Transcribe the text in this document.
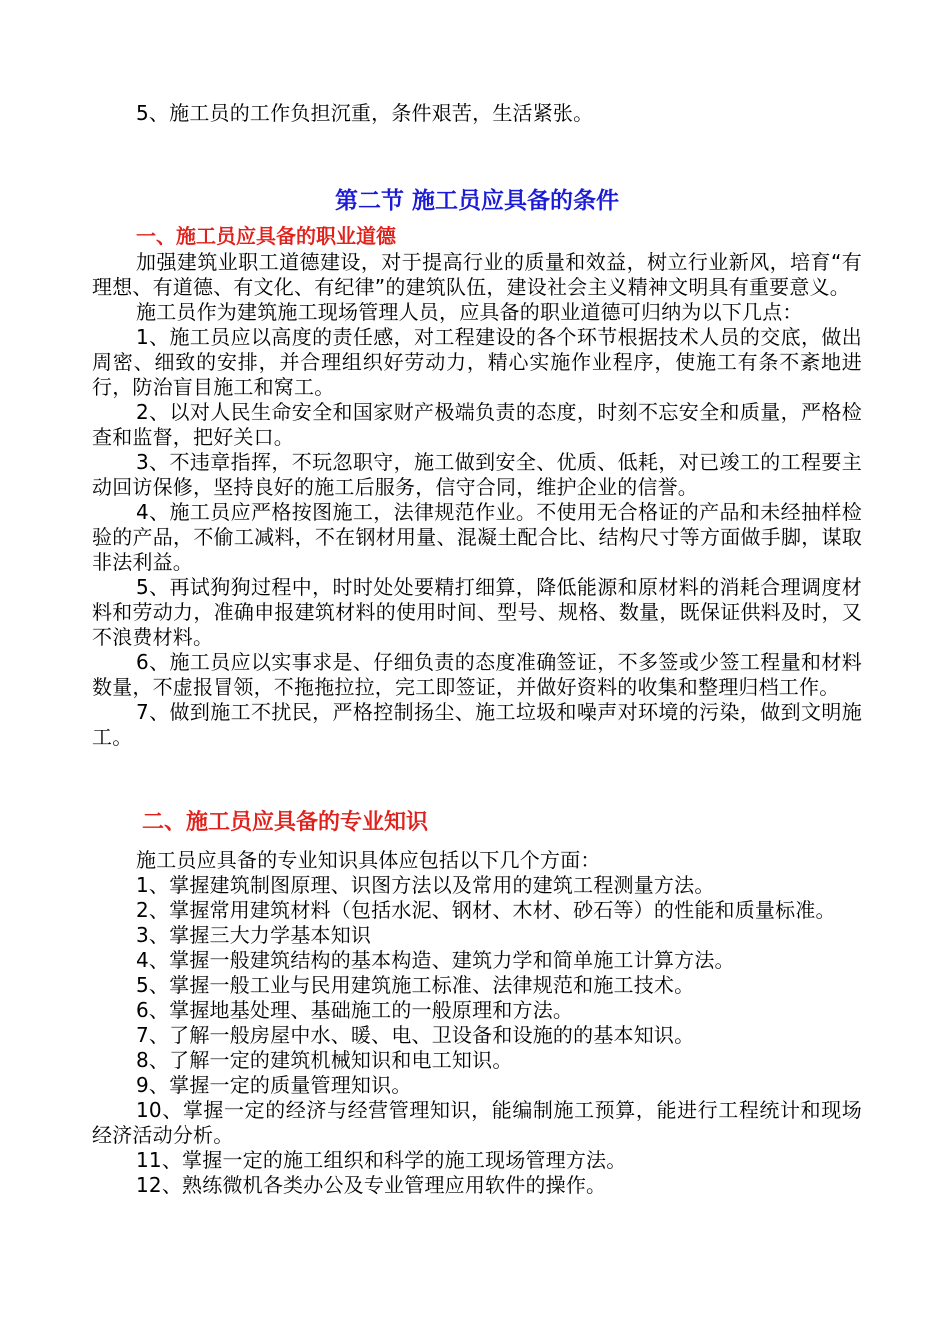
5、施工员的工作负担沉重，条件艰苦，生活紧张。

第二节 施工员应具备的条件
一、施工员应具备的职业道德

加强建筑业职工道德建设，对于提高行业的质量和效益，树立行业新风，培育“有理想、有道德、有文化、有纪律”的建筑队伍，建设社会主义精神文明具有重要意义。

施工员作为建筑施工现场管理人员，应具备的职业道德可归纳为以下几点：

1、施工员应以高度的责任感，对工程建设的各个环节根据技术人员的交底，做出周密、细致的安排，并合理组织好劳动力，精心实施作业程序，使施工有条不紊地进行，防治盲目施工和窝工。

2、以对人民生命安全和国家财产极端负责的态度，时刻不忘安全和质量，严格检查和监督，把好关口。

3、不违章指挥，不玩忽职守，施工做到安全、优质、低耗，对已竣工的工程要主动回访保修，坚持良好的施工后服务，信守合同，维护企业的信誉。

4、施工员应严格按图施工，法律规范作业。不使用无合格证的产品和未经抽样检验的产品，不偷工减料，不在钢材用量、混凝土配合比、结构尺寸等方面做手脚，谋取非法利益。

5、再试狗狗过程中，时时处处要精打细算，降低能源和原材料的消耗合理调度材料和劳动力，准确申报建筑材料的使用时间、型号、规格、数量，既保证供料及时，又不浪费材料。

6、施工员应以实事求是、仔细负责的态度准确签证，不多签或少签工程量和材料数量，不虚报冒领，不拖拖拉拉，完工即签证，并做好资料的收集和整理归档工作。

7、做到施工不扰民，严格控制扬尘、施工垃圾和噪声对环境的污染，做到文明施工。

二、施工员应具备的专业知识

施工员应具备的专业知识具体应包括以下几个方面：

1、掌握建筑制图原理、识图方法以及常用的建筑工程测量方法。

2、掌握常用建筑材料（包括水泥、钢材、木材、砂石等）的性能和质量标准。

3、掌握三大力学基本知识

4、掌握一般建筑结构的基本构造、建筑力学和简单施工计算方法。

5、掌握一般工业与民用建筑施工标准、法律规范和施工技术。

6、掌握地基处理、基础施工的一般原理和方法。

7、了解一般房屋中水、暖、电、卫设备和设施的的基本知识。

8、了解一定的建筑机械知识和电工知识。

9、掌握一定的质量管理知识。

10、掌握一定的经济与经营管理知识，能编制施工预算，能进行工程统计和现场经济活动分析。

11、掌握一定的施工组织和科学的施工现场管理方法。

12、熟练微机各类办公及专业管理应用软件的操作。
